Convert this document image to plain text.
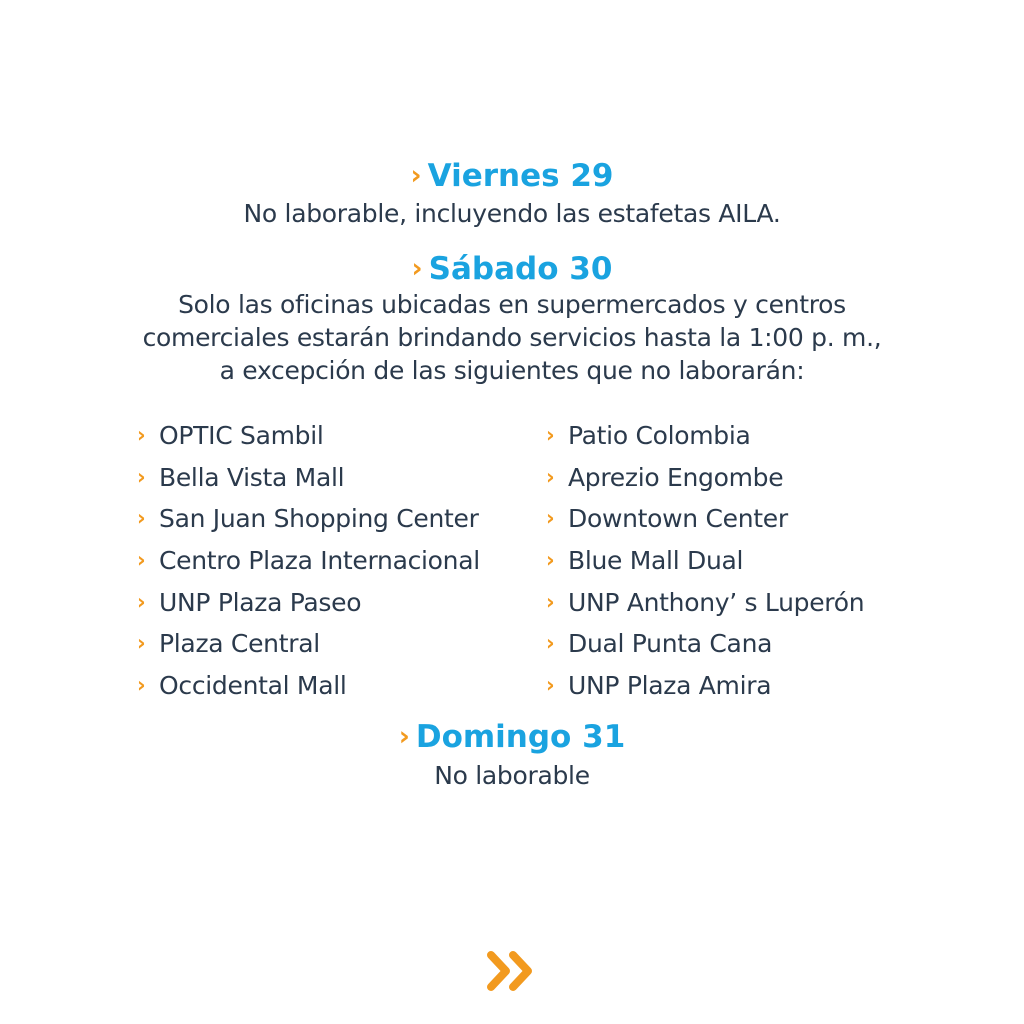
› Viernes 29
No laborable, incluyendo las estafetas AILA.
› Sábado 30
Solo las oficinas ubicadas en supermercados y centros
comerciales estarán brindando servicios hasta la 1:00 p. m.,
a excepción de las siguientes que no laborarán:
› OPTIC Sambil
› Bella Vista Mall
› San Juan Shopping Center
› Centro Plaza Internacional
› UNP Plaza Paseo
› Plaza Central
› Occidental Mall
› Patio Colombia
› Aprezio Engombe
› Downtown Center
› Blue Mall Dual
› UNP Anthony’ s Luperón
› Dual Punta Cana
› UNP Plaza Amira
› Domingo 31
No laborable
